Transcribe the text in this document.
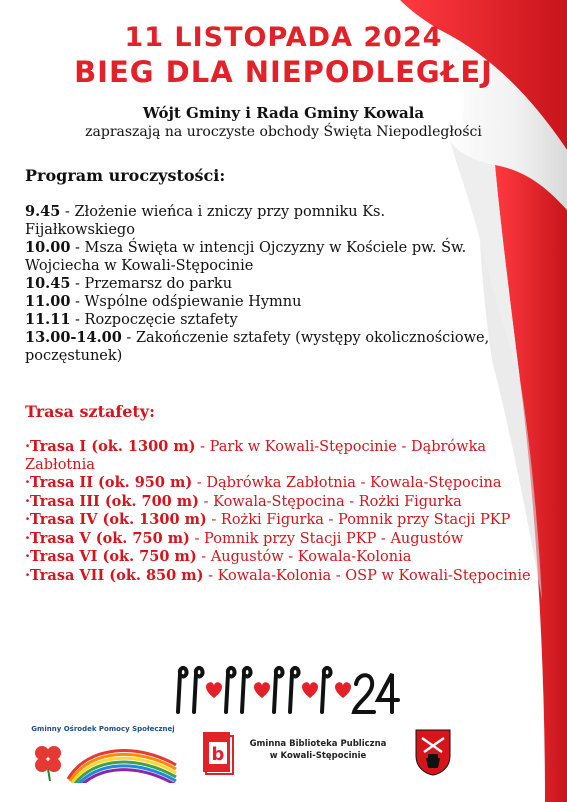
11 LISTOPADA 2024
BIEG DLA NIEPODLEGŁEJ
Wójt Gminy i Rada Gminy Kowala
zapraszają na uroczyste obchody Święta Niepodległości
Program uroczystości:

9.45 - Złożenie wieńca i zniczy przy pomniku Ks. Fijałkowskiego

10.00 - Msza Święta w intencji Ojczyzny w Kościele pw. Św. Wojciecha w Kowali-Stępocinie

10.45 - Przemarsz do parku

11.00 - Wspólne odśpiewanie Hymnu

11.11 - Rozpoczęcie sztafety

13.00-14.00 - Zakończenie sztafety (występy okolicznościowe, poczęstunek)

Trasa sztafety:
·Trasa I (ok. 1300 m) - Park w Kowali-Stępocinie - Dąbrówka Zabłotnia
·Trasa II (ok. 950 m) - Dąbrówka Zabłotnia - Kowala-Stępocina
·Trasa III (ok. 700 m) - Kowala-Stępocina - Rożki Figurka
·Trasa IV (ok. 1300 m) - Rożki Figurka - Pomnik przy Stacji PKP
·Trasa V (ok. 750 m) - Pomnik przy Stacji PKP - Augustów
·Trasa VI (ok. 750 m) - Augustów - Kowala-Kolonia
·Trasa VII (ok. 850 m) - Kowala-Kolonia - OSP w Kowali-Stępocinie
Gminny Ośrodek Pomocy Społecznej
b	Gminna Biblioteka Publiczna
w Kowali-Stępocinie
